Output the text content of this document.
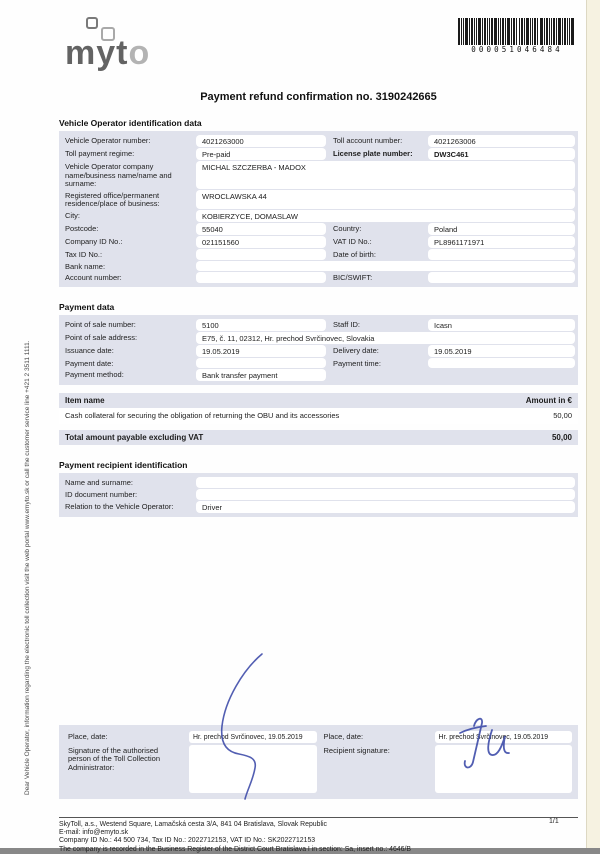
Dear Vehicle Operator, information regarding the electronic toll collection visit the web portal www.emyto.sk or call the customer service line +421 2 3511 1111.
myto	000051046484
Payment refund confirmation no. 3190242665
Vehicle Operator identification data
Vehicle Operator number:	4021263000	Toll account number:	4021263006
Toll payment regime:	Pre-paid	License plate number:	DW3C461
Vehicle Operator company name/business name/name and surname:
MICHAL SZCZERBA - MADOX
Registered office/permanent residence/place of business:
WROCLAWSKA 44
City:	KOBIERZYCE, DOMASLAW
Postcode:	55040	Country:	Poland
Company ID No.:	021151560	VAT ID No.:	PL8961171971
Tax ID No.:	Date of birth:
Bank name:
Account number:	BIC/SWIFT:
Payment data
Point of sale number:	5100	Staff ID:	Icasn
Point of sale address:	E75, č. 11, 02312, Hr. prechod Svrčinovec, Slovakia
Issuance date:	19.05.2019	Delivery date:	19.05.2019
Payment date:	Payment time:
Payment method:	Bank transfer payment
Item name	Amount in €
Cash collateral for securing the obligation of returning the OBU and its accessories	50,00
Total amount payable excluding VAT	50,00
Payment recipient identification
Name and surname:
ID document number:
Relation to the Vehicle Operator:	Driver
Place, date:	Hr. prechod Svrčinovec, 19.05.2019
Signature of the authorised person of the Toll Collection Administrator:
Place, date:	Hr. prechod Svrčinovec, 19.05.2019
Recipient signature:
SkyToll, a.s., Westend Square, Lamačská cesta 3/A, 841 04 Bratislava, Slovak Republic
E-mail: info@emyto.sk
Company ID No.: 44 500 734, Tax ID No.: 2022712153, VAT ID No.: SK2022712153
The company is recorded in the Business Register of the District Court Bratislava I in section: Sa, insert no.: 4646/B
1/1
